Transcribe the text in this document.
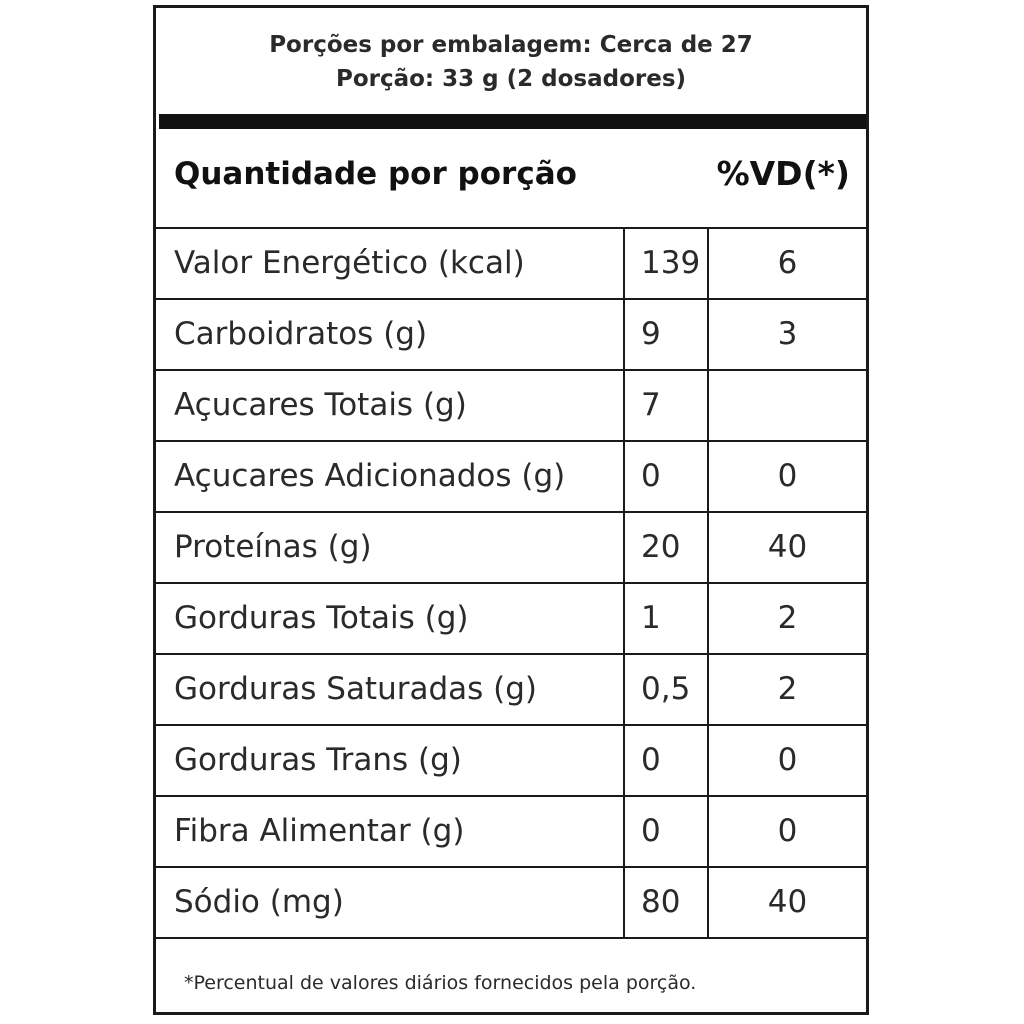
Porções por embalagem: Cerca de 27
Porção: 33 g (2 dosadores)
Quantidade por porção	%VD(*)
Valor Energético (kcal)	139	6
Carboidratos (g)	9	3
Açucares Totais (g)	7
Açucares Adicionados (g)	0	0
Proteínas (g)	20	40
Gorduras Totais (g)	1	2
Gorduras Saturadas (g)	0,5	2
Gorduras Trans (g)	0	0
Fibra Alimentar (g)	0	0
Sódio (mg)	80	40
*Percentual de valores diários fornecidos pela porção.
